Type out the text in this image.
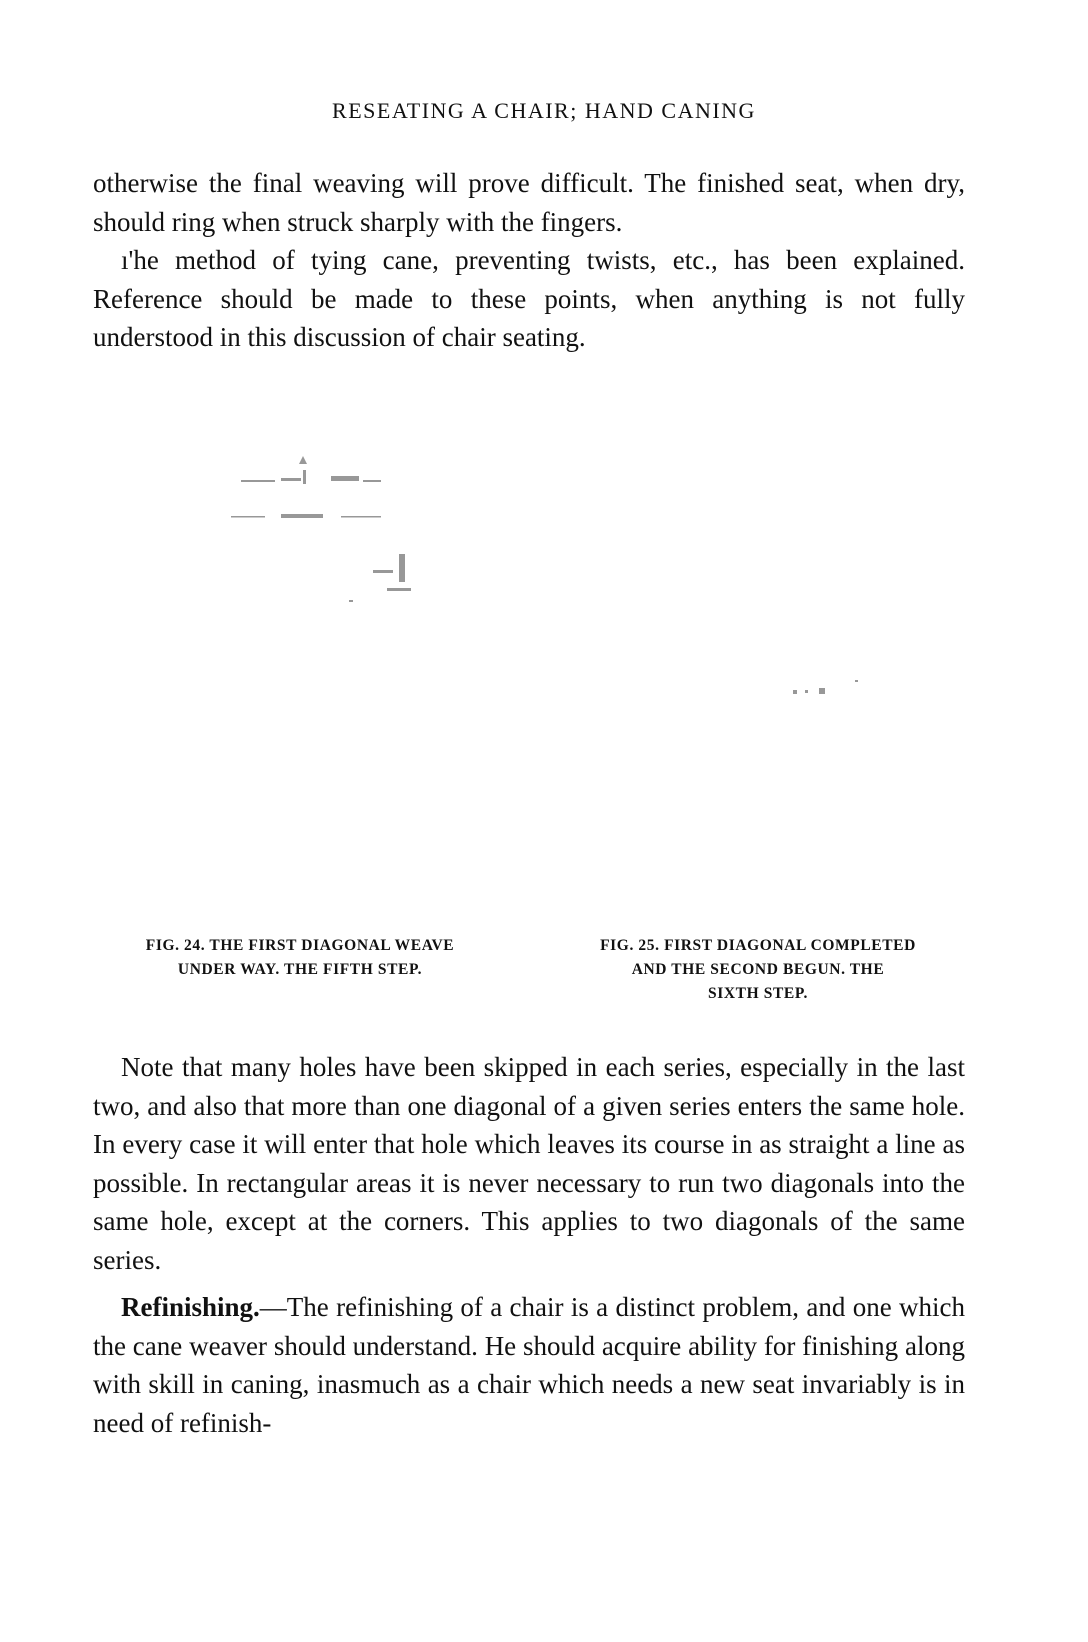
RESEATING A CHAIR; HAND CANING

otherwise the final weaving will prove difficult. The finished seat, when dry, should ring when struck sharply with the fingers.

ı'he method of tying cane, preventing twists, etc., has been explained. Reference should be made to these points, when anything is not fully understood in this discussion of chair seating.

FIG. 24. THE FIRST DIAGONAL WEAVE
UNDER WAY. THE FIFTH STEP.
FIG. 25. FIRST DIAGONAL COMPLETED
AND THE SECOND BEGUN. THE
SIXTH STEP.

Note that many holes have been skipped in each series, especially in the last two, and also that more than one diagonal of a given series enters the same hole. In every case it will enter that hole which leaves its course in as straight a line as possible. In rectangular areas it is never necessary to run two diagonals into the same hole, except at the corners. This applies to two diagonals of the same series.

Refinishing.—The refinishing of a chair is a distinct problem, and one which the cane weaver should understand. He should acquire ability for finishing along with skill in caning, inasmuch as a chair which needs a new seat invariably is in need of refinish-
